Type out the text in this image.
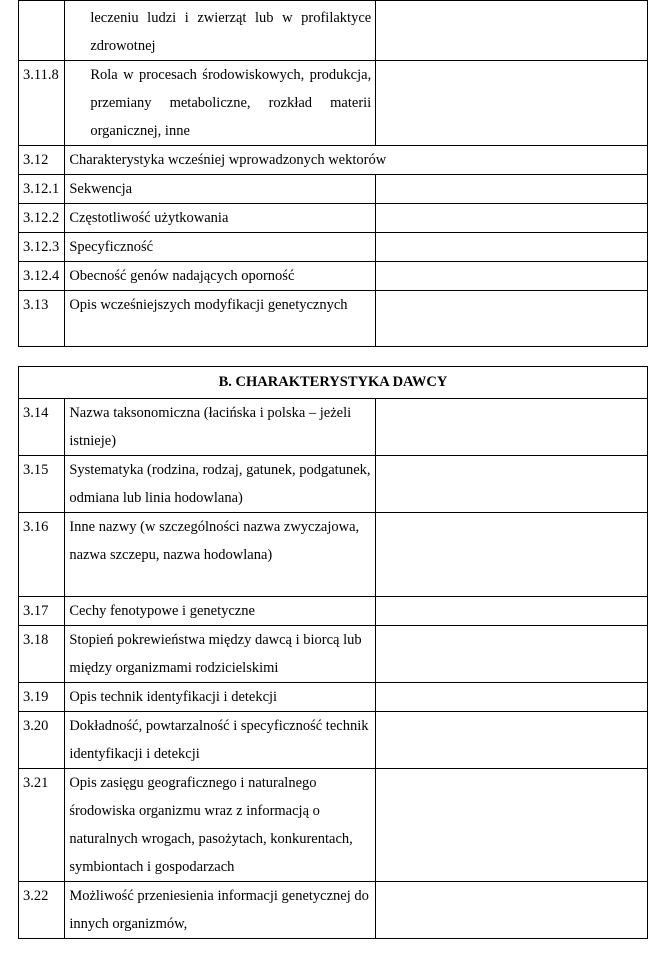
	leczeniu ludzi i zwierząt lub w profilaktyce zdrowotnej	
3.11.8	Rola w procesach środowiskowych, produkcja, przemiany metaboliczne, rozkład materii organicznej, inne	
3.12	Charakterystyka wcześniej wprowadzonych wektorów	
3.12.1	Sekwencja	
3.12.2	Częstotliwość użytkowania	
3.12.3	Specyficzność	
3.12.4	Obecność genów nadających oporność	
3.13	Opis wcześniejszych modyfikacji genetycznych	
B. CHARAKTERYSTYKA DAWCY		
3.14	Nazwa taksonomiczna (łacińska i polska – jeżeli istnieje)	
3.15	Systematyka (rodzina, rodzaj, gatunek, podgatunek, odmiana lub linia hodowlana)	
3.16	Inne nazwy (w szczególności nazwa zwyczajowa, nazwa szczepu, nazwa hodowlana)	
3.17	Cechy fenotypowe i genetyczne	
3.18	Stopień pokrewieństwa między dawcą i biorcą lub między organizmami rodzicielskimi	
3.19	Opis technik identyfikacji i detekcji	
3.20	Dokładność, powtarzalność i specyficzność technik identyfikacji i detekcji	
3.21	Opis zasięgu geograficznego i naturalnego środowiska organizmu wraz z informacją o naturalnych wrogach, pasożytach, konkurentach, symbiontach i gospodarzach	
3.22	Możliwość przeniesienia informacji genetycznej do innych organizmów,	
